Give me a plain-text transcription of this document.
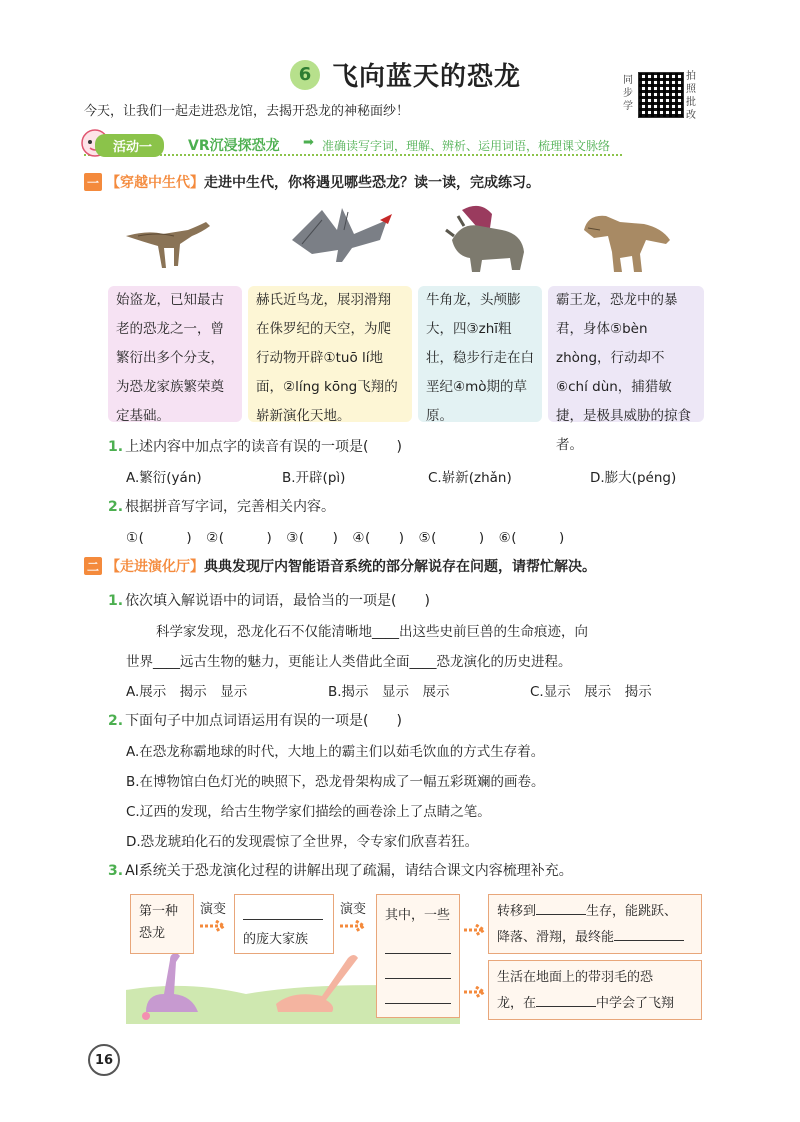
6 飞向蓝天的恐龙	同步学
拍照批改
今天，让我们一起走进恐龙馆，去揭开恐龙的神秘面纱！
活动一	VR沉浸探恐龙 ➡ 准确读写字词，理解、辨析、运用词语，梳理课文脉络
一 【穿越中生代】 走进中生代，你将遇见哪些恐龙？读一读，完成练习。
始盗龙，已知最古老的恐龙之一，曾繁衍出多个分支，为恐龙家族繁荣奠定基础。
赫氏近鸟龙，展羽滑翔在侏罗纪的天空，为爬行动物开辟①tuō lí地面，②líng kōng飞翔的崭新演化天地。
牛角龙，头颅膨大，四③zhī粗壮，稳步行走在白垩纪④mò期的草原。
霸王龙，恐龙中的暴君，身体⑤bèn zhòng，行动却不⑥chí dùn，捕猎敏捷，是极具威胁的掠食者。
1. 上述内容中加点字的读音有误的一项是(　　)
A.繁衍(yán)	B.开辟(pì)	C.崭新(zhǎn)	D.膨大(péng)
2. 根据拼音写字词，完善相关内容。
①(　　　)　②(　　　)　③(　　)　④(　　)　⑤(　　　)　⑥(　　　)
二 【走进演化厅】 典典发现厅内智能语音系统的部分解说存在问题，请帮忙解决。
1. 依次填入解说语中的词语，最恰当的一项是(　　)
科学家发现，恐龙化石不仅能清晰地____出这些史前巨兽的生命痕迹，向
世界____远古生物的魅力，更能让人类借此全面____恐龙演化的历史进程。
A.展示　揭示　显示	B.揭示　显示　展示	C.显示　展示　揭示
2. 下面句子中加点词语运用有误的一项是(　　)
A.在恐龙称霸地球的时代，大地上的霸主们以茹毛饮血的方式生存着。
B.在博物馆白色灯光的映照下，恐龙骨架构成了一幅五彩斑斓的画卷。
C.辽西的发现，给古生物学家们描绘的画卷涂上了点睛之笔。
D.恐龙琥珀化石的发现震惊了全世界，令专家们欣喜若狂。
3. AI系统关于恐龙演化过程的讲解出现了疏漏，请结合课文内容梳理补充。
第一种恐龙
演变
的庞大家族
演变 其中，一些	转移到	生存，能跳跃、
降落、滑翔，最终能
生活在地面上的带羽毛的恐
龙，在	中学会了飞翔
16
